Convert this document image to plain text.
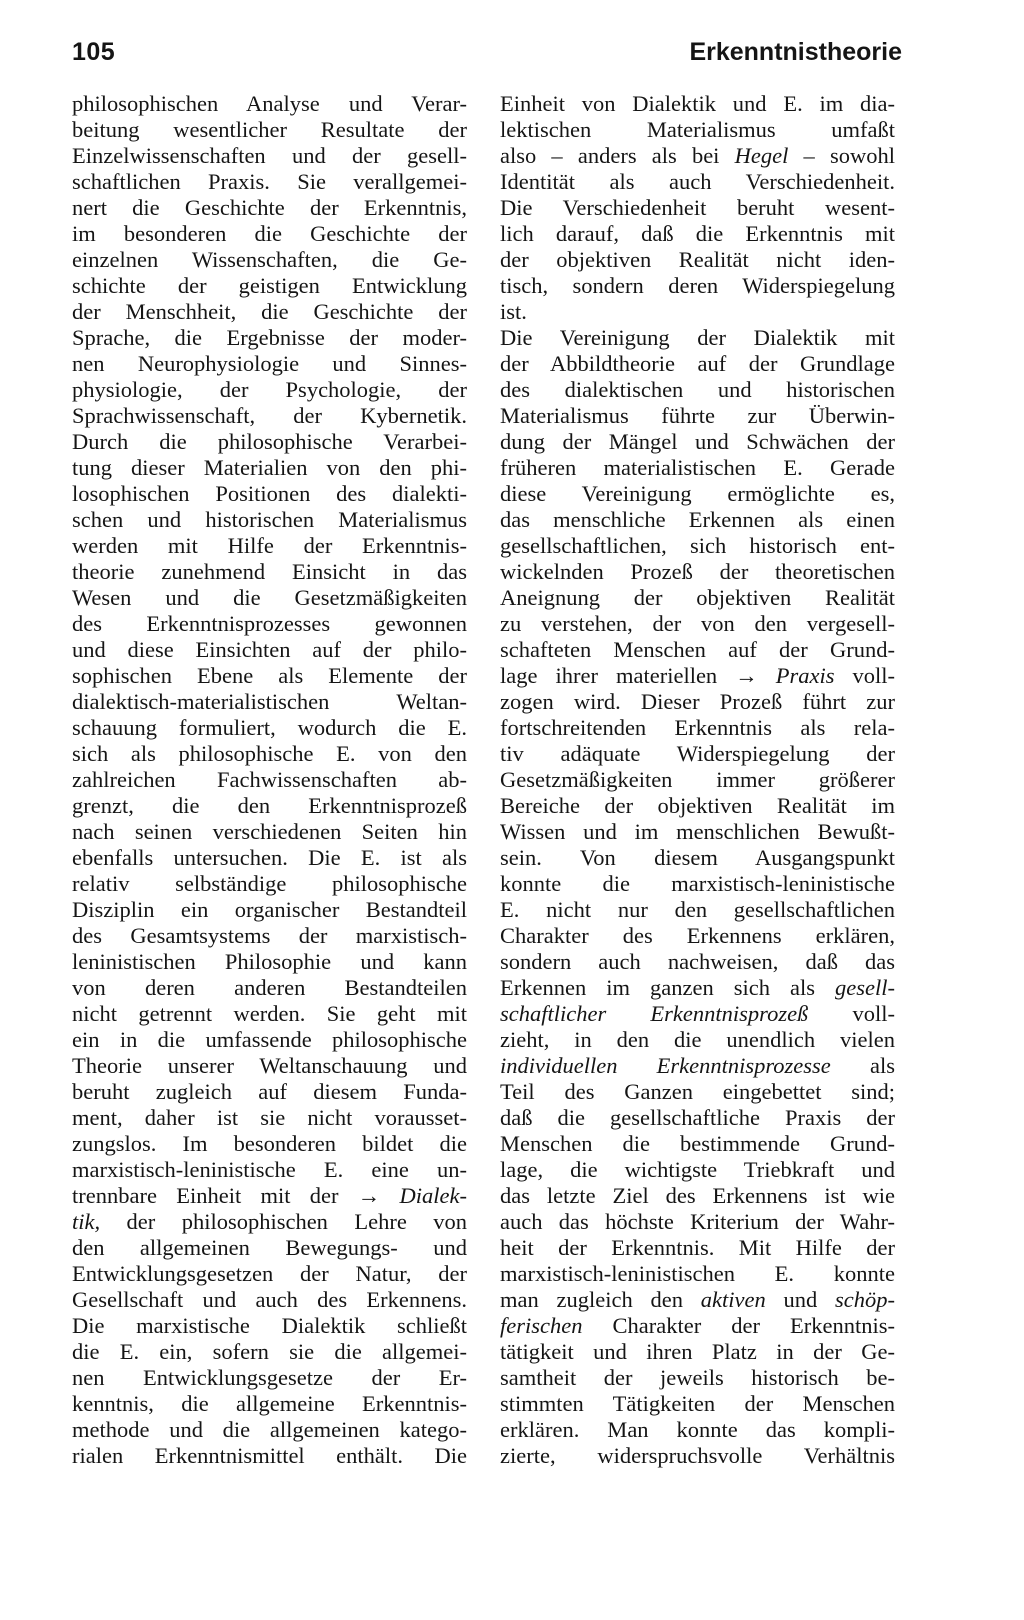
105	Erkenntnistheorie
philosophischen Analyse und Verar-
beitung wesentlicher Resultate der
Einzelwissenschaften und der gesell-
schaftlichen Praxis. Sie verallgemei-
nert die Geschichte der Erkenntnis,
im besonderen die Geschichte der
einzelnen Wissenschaften, die Ge-
schichte der geistigen Entwicklung
der Menschheit, die Geschichte der
Sprache, die Ergebnisse der moder-
nen Neurophysiologie und Sinnes-
physiologie, der Psychologie, der
Sprachwissenschaft, der Kybernetik.
Durch die philosophische Verarbei-
tung dieser Materialien von den phi-
losophischen Positionen des dialekti-
schen und historischen Materialismus
werden mit Hilfe der Erkenntnis-
theorie zunehmend Einsicht in das
Wesen und die Gesetzmäßigkeiten
des Erkenntnisprozesses gewonnen
und diese Einsichten auf der philo-
sophischen Ebene als Elemente der
dialektisch-materialistischen Weltan-
schauung formuliert, wodurch die E.
sich als philosophische E. von den
zahlreichen Fachwissenschaften ab-
grenzt, die den Erkenntnisprozeß
nach seinen verschiedenen Seiten hin
ebenfalls untersuchen. Die E. ist als
relativ selbständige philosophische
Disziplin ein organischer Bestandteil
des Gesamtsystems der marxistisch-
leninistischen Philosophie und kann
von deren anderen Bestandteilen
nicht getrennt werden. Sie geht mit
ein in die umfassende philosophische
Theorie unserer Weltanschauung und
beruht zugleich auf diesem Funda-
ment, daher ist sie nicht vorausset-
zungslos. Im besonderen bildet die
marxistisch-leninistische E. eine un-
trennbare Einheit mit der → Dialek-
tik, der philosophischen Lehre von
den allgemeinen Bewegungs- und
Entwicklungsgesetzen der Natur, der
Gesellschaft und auch des Erkennens.
Die marxistische Dialektik schließt
die E. ein, sofern sie die allgemei-
nen Entwicklungsgesetze der Er-
kenntnis, die allgemeine Erkenntnis-
methode und die allgemeinen katego-
rialen Erkenntnismittel enthält. Die
Einheit von Dialektik und E. im dia-
lektischen Materialismus umfaßt
also – anders als bei Hegel – sowohl
Identität als auch Verschiedenheit.
Die Verschiedenheit beruht wesent-
lich darauf, daß die Erkenntnis mit
der objektiven Realität nicht iden-
tisch, sondern deren Widerspiegelung
ist.
Die Vereinigung der Dialektik mit
der Abbildtheorie auf der Grundlage
des dialektischen und historischen
Materialismus führte zur Überwin-
dung der Mängel und Schwächen der
früheren materialistischen E. Gerade
diese Vereinigung ermöglichte es,
das menschliche Erkennen als einen
gesellschaftlichen, sich historisch ent-
wickelnden Prozeß der theoretischen
Aneignung der objektiven Realität
zu verstehen, der von den vergesell-
schafteten Menschen auf der Grund-
lage ihrer materiellen → Praxis voll-
zogen wird. Dieser Prozeß führt zur
fortschreitenden Erkenntnis als rela-
tiv adäquate Widerspiegelung der
Gesetzmäßigkeiten immer größerer
Bereiche der objektiven Realität im
Wissen und im menschlichen Bewußt-
sein. Von diesem Ausgangspunkt
konnte die marxistisch-leninistische
E. nicht nur den gesellschaftlichen
Charakter des Erkennens erklären,
sondern auch nachweisen, daß das
Erkennen im ganzen sich als gesell-
schaftlicher Erkenntnisprozeß voll-
zieht, in den die unendlich vielen
individuellen Erkenntnisprozesse als
Teil des Ganzen eingebettet sind;
daß die gesellschaftliche Praxis der
Menschen die bestimmende Grund-
lage, die wichtigste Triebkraft und
das letzte Ziel des Erkennens ist wie
auch das höchste Kriterium der Wahr-
heit der Erkenntnis. Mit Hilfe der
marxistisch-leninistischen E. konnte
man zugleich den aktiven und schöp-
ferischen Charakter der Erkenntnis-
tätigkeit und ihren Platz in der Ge-
samtheit der jeweils historisch be-
stimmten Tätigkeiten der Menschen
erklären. Man konnte das kompli-
zierte, widerspruchsvolle Verhältnis
